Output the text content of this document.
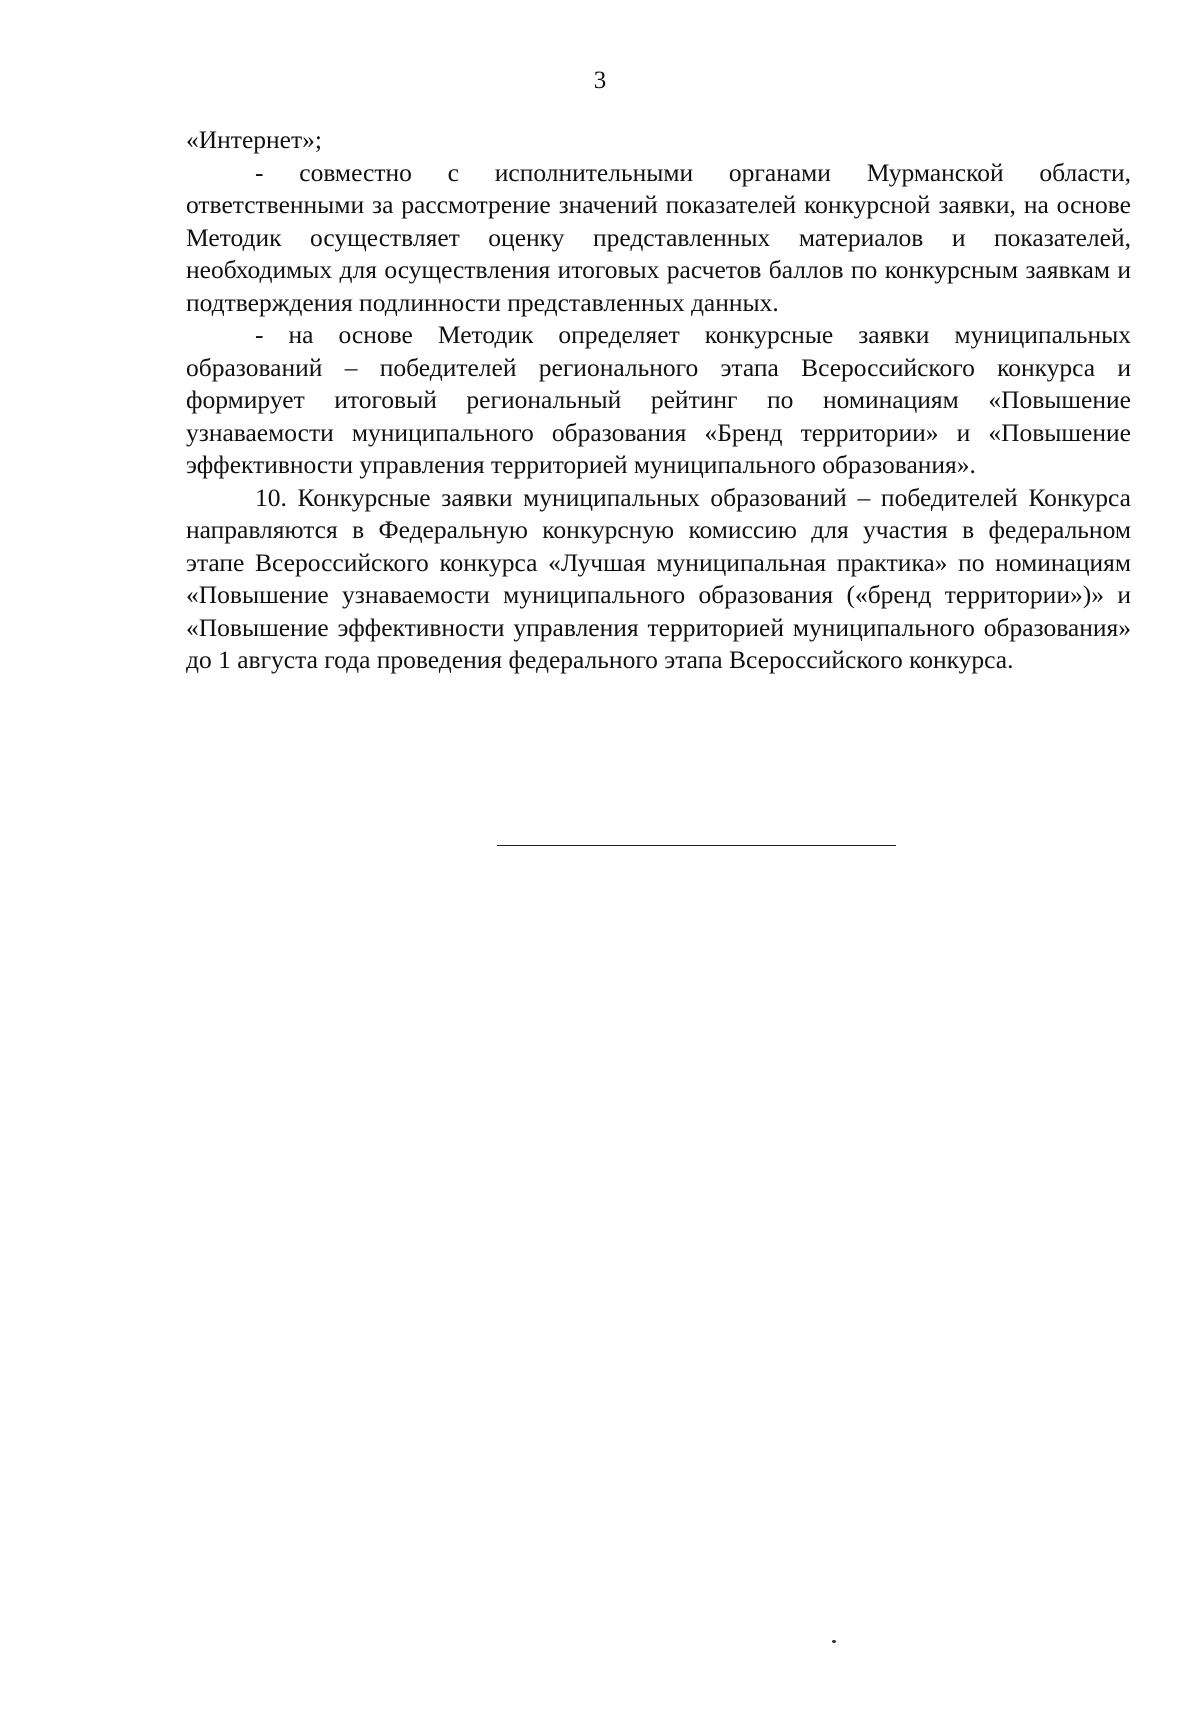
3

«Интернет»;

- совместно с исполнительными органами Мурманской области, ответственными за рассмотрение значений показателей конкурсной заявки, на основе Методик осуществляет оценку представленных материалов и показателей, необходимых для осуществления итоговых расчетов баллов по конкурсным заявкам и подтверждения подлинности представленных данных.

- на основе Методик определяет конкурсные заявки муниципальных образований – победителей регионального этапа Всероссийского конкурса и формирует итоговый региональный рейтинг по номинациям «Повышение узнаваемости муниципального образования «Бренд территории» и «Повышение эффективности управления территорией муниципального образования».

10. Конкурсные заявки муниципальных образований – победителей Конкурса направляются в Федеральную конкурсную комиссию для участия в федеральном этапе Всероссийского конкурса «Лучшая муниципальная практика» по номинациям «Повышение узнаваемости муниципального образования («бренд территории»)» и «Повышение эффективности управления территорией муниципального образования» до 1 августа года проведения федерального этапа Всероссийского конкурса.
